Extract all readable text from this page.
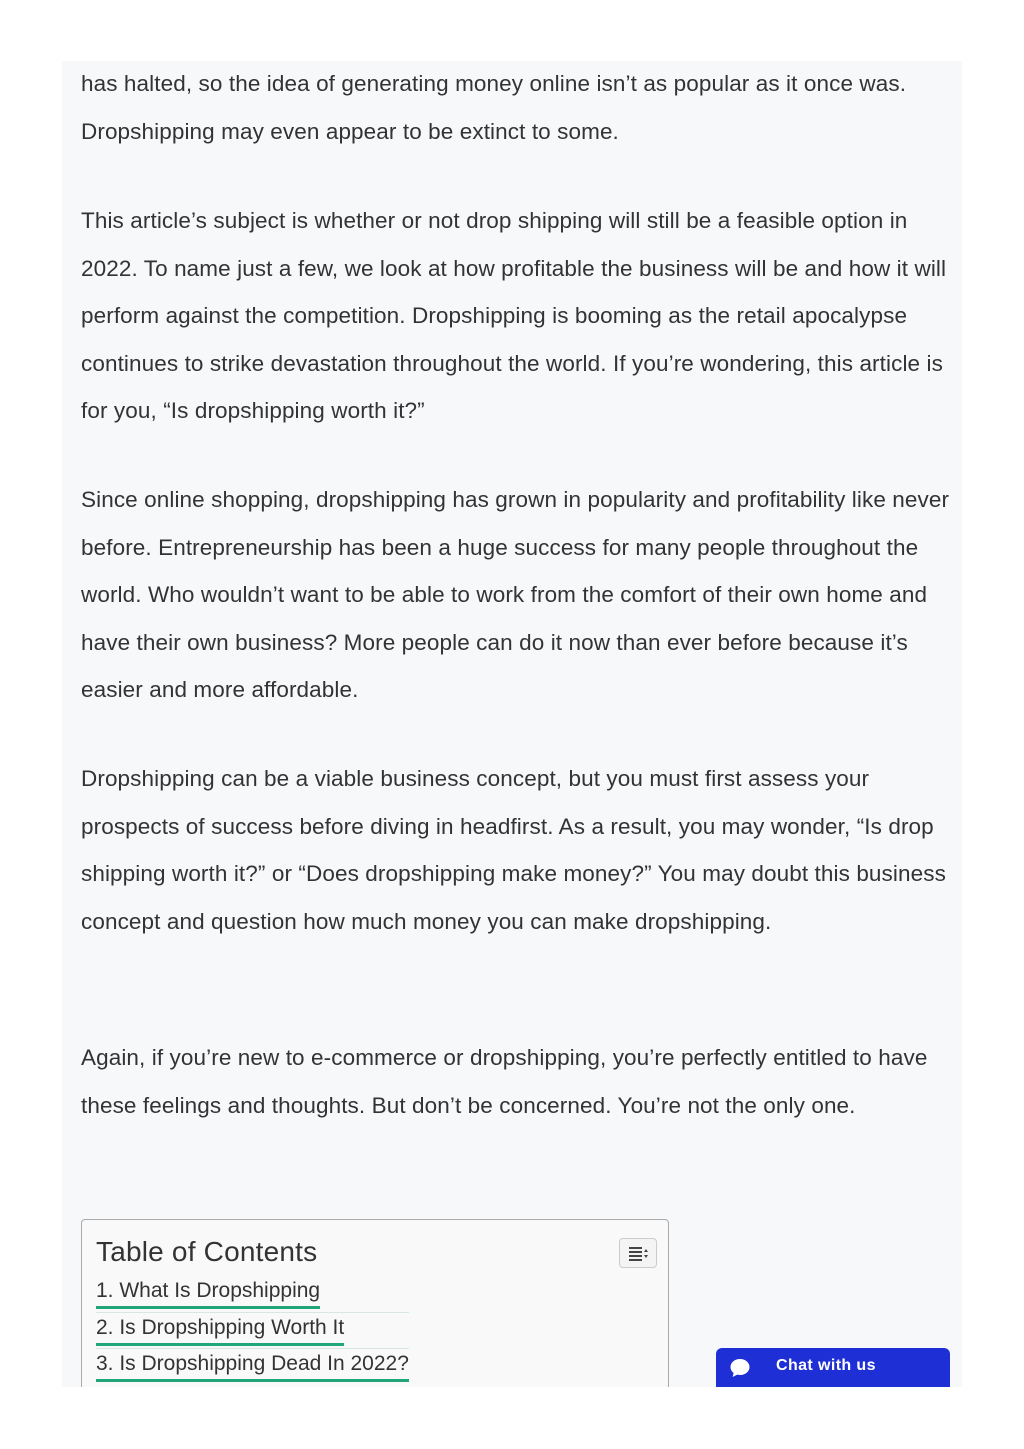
has halted, so the idea of generating money online isn’t as popular as it once was. Dropshipping may even appear to be extinct to some.

This article’s subject is whether or not drop shipping will still be a feasible option in 2022. To name just a few, we look at how profitable the business will be and how it will perform against the competition. Dropshipping is booming as the retail apocalypse continues to strike devastation throughout the world. If you’re wondering, this article is for you, “Is dropshipping worth it?”

Since online shopping, dropshipping has grown in popularity and profitability like never before. Entrepreneurship has been a huge success for many people throughout the world. Who wouldn’t want to be able to work from the comfort of their own home and have their own business? More people can do it now than ever before because it’s easier and more affordable.

Dropshipping can be a viable business concept, but you must first assess your prospects of success before diving in headfirst. As a result, you may wonder, “Is drop shipping worth it?” or “Does dropshipping make money?” You may doubt this business concept and question how much money you can make dropshipping.

Again, if you’re new to e-commerce or dropshipping, you’re perfectly entitled to have these feelings and thoughts. But don’t be concerned. You’re not the only one.

Table of Contents
1. What Is Dropshipping
2. Is Dropshipping Worth It
3. Is Dropshipping Dead In 2022?	Chat with us
